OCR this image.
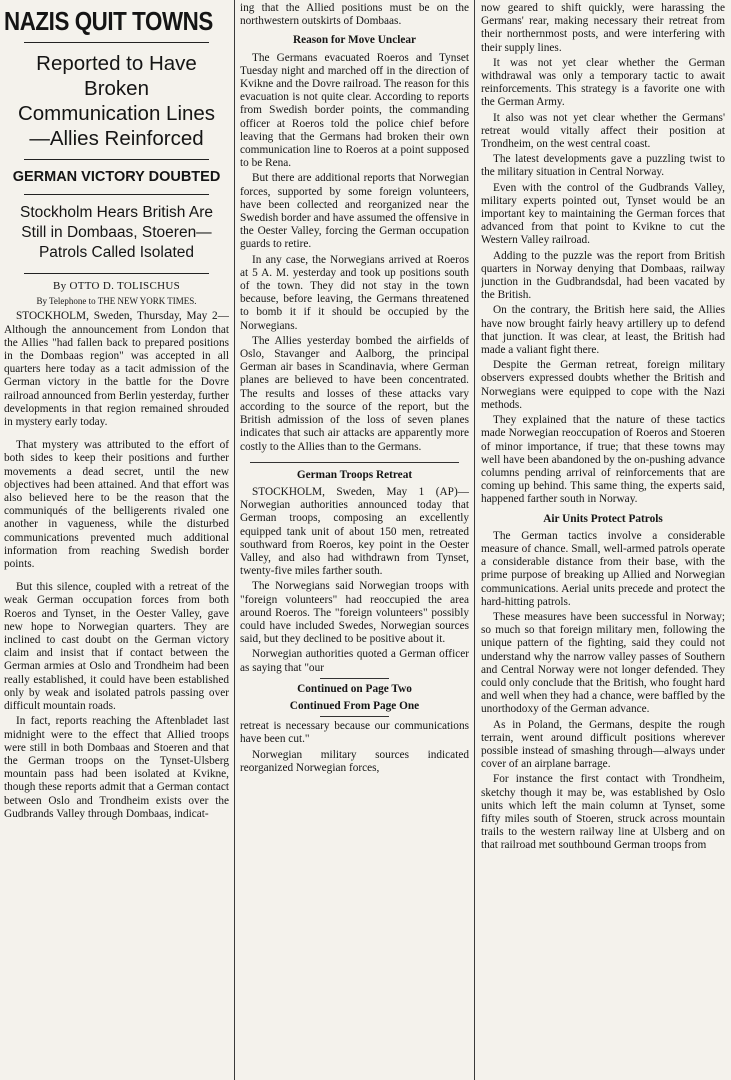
NAZIS QUIT TOWNS
Reported to Have Broken
Communication Lines
—Allies Reinforced
GERMAN VICTORY DOUBTED
Stockholm Hears British Are
Still in Dombaas, Stoeren—
Patrols Called Isolated
By OTTO D. TOLISCHUS
By Telephone to THE NEW YORK TIMES.

STOCKHOLM, Sweden, Thursday, May 2—Although the announcement from London that the Allies "had fallen back to prepared positions in the Dombaas region" was accepted in all quarters here today as a tacit admission of the German victory in the battle for the Dovre railroad announced from Berlin yesterday, further developments in that region remained shrouded in mystery early today.

That mystery was attributed to the effort of both sides to keep their positions and further movements a dead secret, until the new objectives had been attained. And that effort was also believed here to be the reason that the communiqués of the belligerents rivaled one another in vagueness, while the disturbed communications prevented much additional information from reaching Swedish border points.

But this silence, coupled with a retreat of the weak German occupation forces from both Roeros and Tynset, in the Oester Valley, gave new hope to Norwegian quarters. They are inclined to cast doubt on the German victory claim and insist that if contact between the German armies at Oslo and Trondheim had been really established, it could have been established only by weak and isolated patrols passing over difficult mountain roads.

In fact, reports reaching the Aftenbladet last midnight were to the effect that Allied troops were still in both Dombaas and Stoeren and that the German troops on the Tynset-Ulsberg mountain pass had been isolated at Kvikne, though these reports admit that a German contact between Oslo and Trondheim exists over the Gudbrands Valley through Dombaas, indicat-

ing that the Allied positions must be on the northwestern outskirts of Dombaas.

Reason for Move Unclear

The Germans evacuated Roeros and Tynset Tuesday night and marched off in the direction of Kvikne and the Dovre railroad. The reason for this evacuation is not quite clear. According to reports from Swedish border points, the commanding officer at Roeros told the police chief before leaving that the Germans had broken their own communication line to Roeros at a point supposed to be Rena.

But there are additional reports that Norwegian forces, supported by some foreign volunteers, have been collected and reorganized near the Swedish border and have assumed the offensive in the Oester Valley, forcing the German occupation guards to retire.

In any case, the Norwegians arrived at Roeros at 5 A. M. yesterday and took up positions south of the town. They did not stay in the town because, before leaving, the Germans threatened to bomb it if it should be occupied by the Norwegians.

The Allies yesterday bombed the airfields of Oslo, Stavanger and Aalborg, the principal German air bases in Scandinavia, where German planes are believed to have been concentrated. The results and losses of these attacks vary according to the source of the report, but the British admission of the loss of seven planes indicates that such air attacks are apparently more costly to the Allies than to the Germans.

German Troops Retreat

STOCKHOLM, Sweden, May 1 (AP)—Norwegian authorities announced today that German troops, composing an excellently equipped tank unit of about 150 men, retreated southward from Roeros, key point in the Oester Valley, and also had withdrawn from Tynset, twenty-five miles farther south.

The Norwegians said Norwegian troops with "foreign volunteers" had reoccupied the area around Roeros. The "foreign volunteers" possibly could have included Swedes, Norwegian sources said, but they declined to be positive about it.

Norwegian authorities quoted a German officer as saying that "our

Continued on Page Two
Continued From Page One

retreat is necessary because our communications have been cut."

Norwegian military sources indicated reorganized Norwegian forces,

now geared to shift quickly, were harassing the Germans' rear, making necessary their retreat from their northernmost posts, and were interfering with their supply lines.

It was not yet clear whether the German withdrawal was only a temporary tactic to await reinforcements. This strategy is a favorite one with the German Army.

It also was not yet clear whether the Germans' retreat would vitally affect their position at Trondheim, on the west central coast.

The latest developments gave a puzzling twist to the military situation in Central Norway.

Even with the control of the Gudbrands Valley, military experts pointed out, Tynset would be an important key to maintaining the German forces that advanced from that point to Kvikne to cut the Western Valley railroad.

Adding to the puzzle was the report from British quarters in Norway denying that Dombaas, railway junction in the Gudbrandsdal, had been vacated by the British.

On the contrary, the British here said, the Allies have now brought fairly heavy artillery up to defend that junction. It was clear, at least, the British had made a valiant fight there.

Despite the German retreat, foreign military observers expressed doubts whether the British and Norwegians were equipped to cope with the Nazi methods.

They explained that the nature of these tactics made Norwegian reoccupation of Roeros and Stoeren of minor importance, if true; that these towns may well have been abandoned by the on-pushing advance columns pending arrival of reinforcements that are coming up behind. This same thing, the experts said, happened farther south in Norway.

Air Units Protect Patrols

The German tactics involve a considerable measure of chance. Small, well-armed patrols operate a considerable distance from their base, with the prime purpose of breaking up Allied and Norwegian communications. Aerial units precede and protect the hard-hitting patrols.

These measures have been successful in Norway; so much so that foreign military men, following the unique pattern of the fighting, said they could not understand why the narrow valley passes of Southern and Central Norway were not longer defended. They could only conclude that the British, who fought hard and well when they had a chance, were baffled by the unorthodoxy of the German advance.

As in Poland, the Germans, despite the rough terrain, went around difficult positions wherever possible instead of smashing through—always under cover of an airplane barrage.

For instance the first contact with Trondheim, sketchy though it may be, was established by Oslo units which left the main column at Tynset, some fifty miles south of Stoeren, struck across mountain trails to the western railway line at Ulsberg and on that railroad met southbound German troops from
